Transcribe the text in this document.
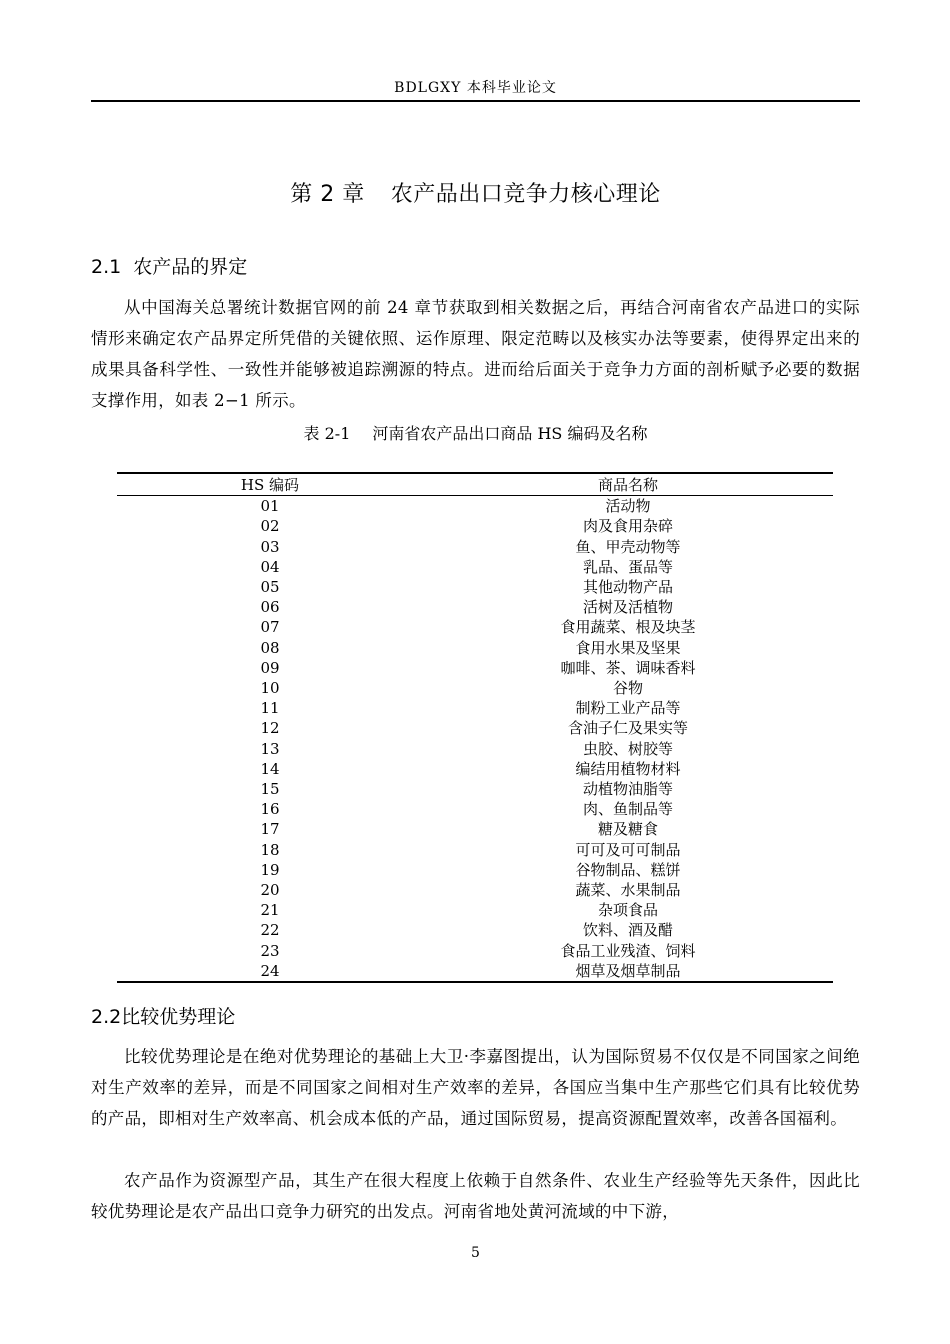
BDLGXY 本科毕业论文
第 2 章 农产品出口竞争力核心理论
2.1 农产品的界定

从中国海关总署统计数据官网的前 24 章节获取到相关数据之后，再结合河南省农产品进口的实际情形来确定农产品界定所凭借的关键依照、运作原理、限定范畴以及核实办法等要素，使得界定出来的成果具备科学性、一致性并能够被追踪溯源的特点。进而给后面关于竞争力方面的剖析赋予必要的数据支撑作用，如表 2−1 所示。

表 2-1 河南省农产品出口商品 HS 编码及名称
HS 编码	商品名称
01	活动物
02	肉及食用杂碎
03	鱼、甲壳动物等
04	乳品、蛋品等
05	其他动物产品
06	活树及活植物
07	食用蔬菜、根及块茎
08	食用水果及坚果
09	咖啡、茶、调味香料
10	谷物
11	制粉工业产品等
12	含油子仁及果实等
13	虫胶、树胶等
14	编结用植物材料
15	动植物油脂等
16	肉、鱼制品等
17	糖及糖食
18	可可及可可制品
19	谷物制品、糕饼
20	蔬菜、水果制品
21	杂项食品
22	饮料、酒及醋
23	食品工业残渣、饲料
24	烟草及烟草制品
2.2比较优势理论

比较优势理论是在绝对优势理论的基础上大卫·李嘉图提出，认为国际贸易不仅仅是不同国家之间绝对生产效率的差异，而是不同国家之间相对生产效率的差异，各国应当集中生产那些它们具有比较优势的产品，即相对生产效率高、机会成本低的产品，通过国际贸易，提高资源配置效率，改善各国福利。

农产品作为资源型产品，其生产在很大程度上依赖于自然条件、农业生产经验等先天条件，因此比较优势理论是农产品出口竞争力研究的出发点。河南省地处黄河流域的中下游，

5
